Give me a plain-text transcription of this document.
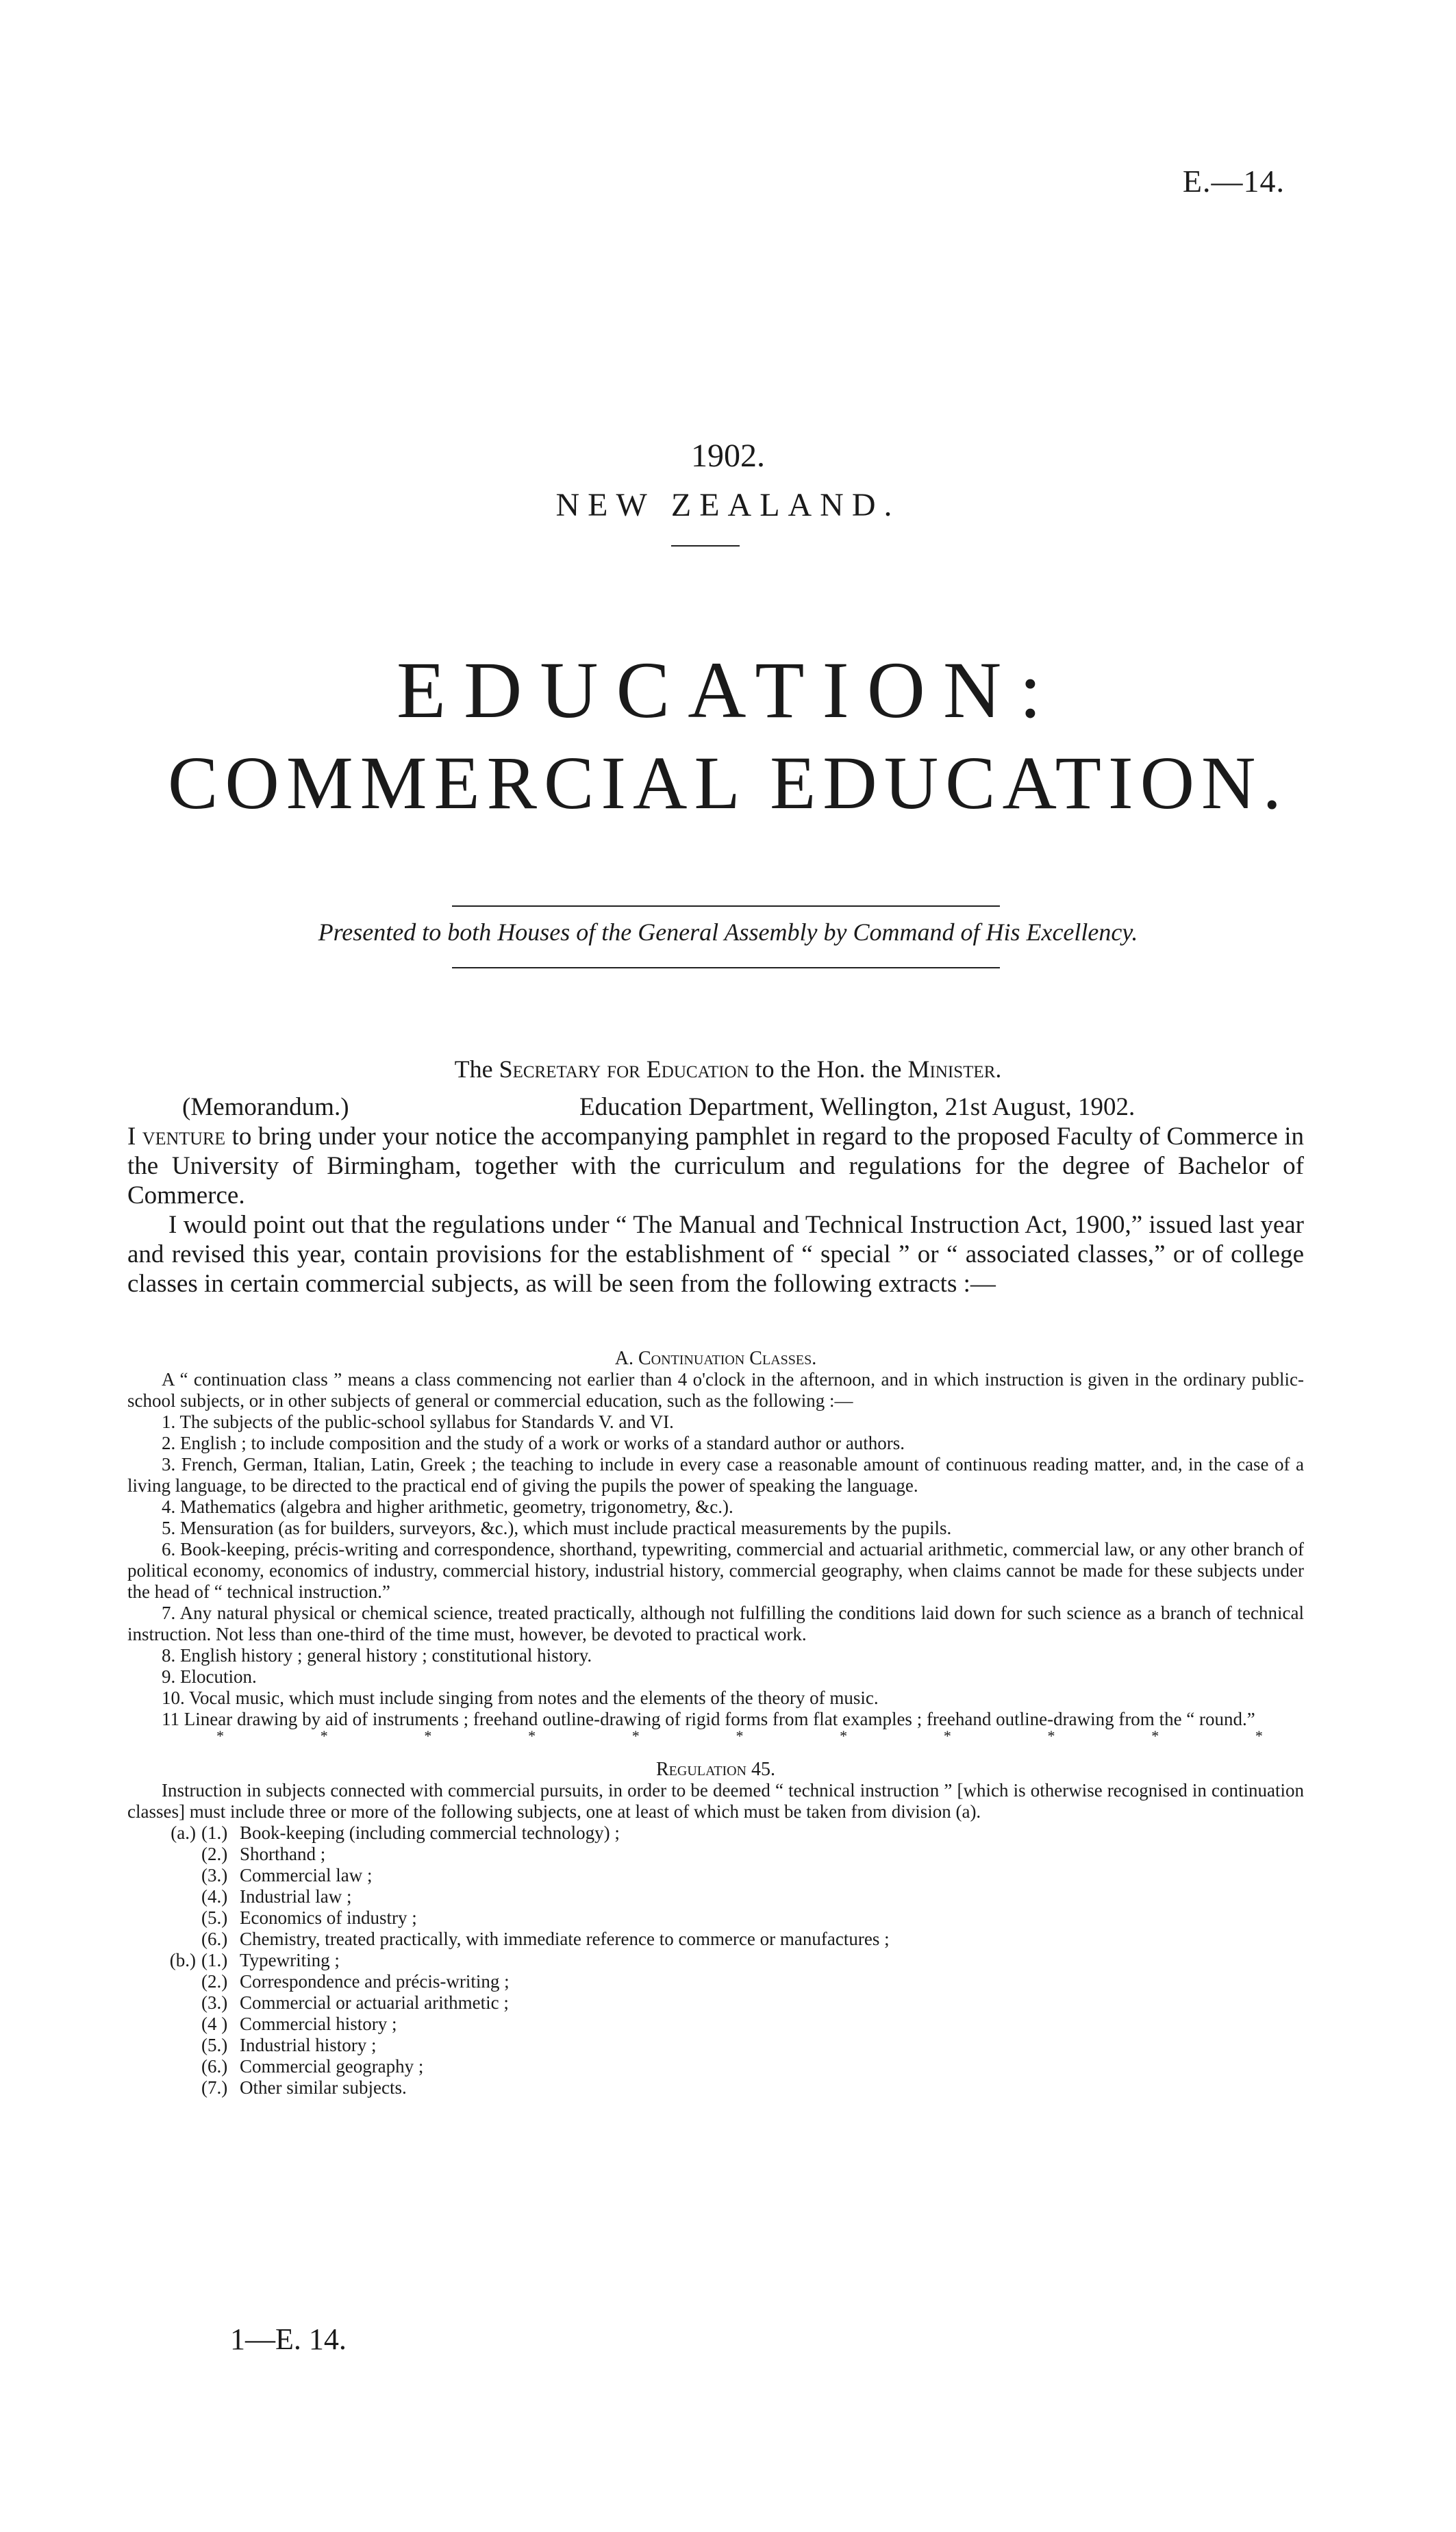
E.—14.
1902.
NEW ZEALAND.
EDUCATION:
COMMERCIAL EDUCATION.
Presented to both Houses of the General Assembly by Command of His Excellency.
The Secretary for Education to the Hon. the Minister.
(Memorandum.)	Education Department, Wellington, 21st August, 1902.

I venture to bring under your notice the accompanying pamphlet in regard to the proposed Faculty of Commerce in the University of Birmingham, together with the curriculum and regulations for the degree of Bachelor of Commerce.

I would point out that the regulations under “ The Manual and Technical Instruction Act, 1900,” issued last year and revised this year, contain provisions for the establishment of “ special ” or “ associated classes,” or of college classes in certain commercial subjects, as will be seen from the following extracts :—

A. Continuation Classes.

A “ continuation class ” means a class commencing not earlier than 4 o'clock in the afternoon, and in which instruction is given in the ordinary public-school subjects, or in other subjects of general or commercial education, such as the following :—

1. The subjects of the public-school syllabus for Standards V. and VI.

2. English ; to include composition and the study of a work or works of a standard author or authors.

3. French, German, Italian, Latin, Greek ; the teaching to include in every case a reasonable amount of continuous reading matter, and, in the case of a living language, to be directed to the practical end of giving the pupils the power of speaking the language.

4. Mathematics (algebra and higher arithmetic, geometry, trigonometry, &c.).

5. Mensuration (as for builders, surveyors, &c.), which must include practical measurements by the pupils.

6. Book-keeping, précis-writing and correspondence, shorthand, typewriting, commercial and actuarial arithmetic, commercial law, or any other branch of political economy, economics of industry, commercial history, industrial history, commercial geography, when claims cannot be made for these subjects under the head of “ technical instruction.”

7. Any natural physical or chemical science, treated practically, although not fulfilling the conditions laid down for such science as a branch of technical instruction. Not less than one-third of the time must, however, be devoted to practical work.

8. English history ; general history ; constitutional history.

9. Elocution.

10. Vocal music, which must include singing from notes and the elements of the theory of music.

11 Linear drawing by aid of instruments ; freehand outline-drawing of rigid forms from flat examples ; freehand outline-drawing from the “ round.”

*	*	*	*	*	*	*	*	*	*	*
Regulation 45.

Instruction in subjects connected with commercial pursuits, in order to be deemed “ technical instruction ” [which is otherwise recognised in continuation classes] must include three or more of the following subjects, one at least of which must be taken from division (a).

(a.) (1.) Book-keeping (including commercial technology) ;
(2.) Shorthand ;
(3.) Commercial law ;
(4.) Industrial law ;
(5.) Economics of industry ;
(6.) Chemistry, treated practically, with immediate reference to commerce or manufactures ;
(b.) (1.) Typewriting ;
(2.) Correspondence and précis-writing ;
(3.) Commercial or actuarial arithmetic ;
(4 ) Commercial history ;
(5.) Industrial history ;
(6.) Commercial geography ;
(7.) Other similar subjects.
1—E. 14.
